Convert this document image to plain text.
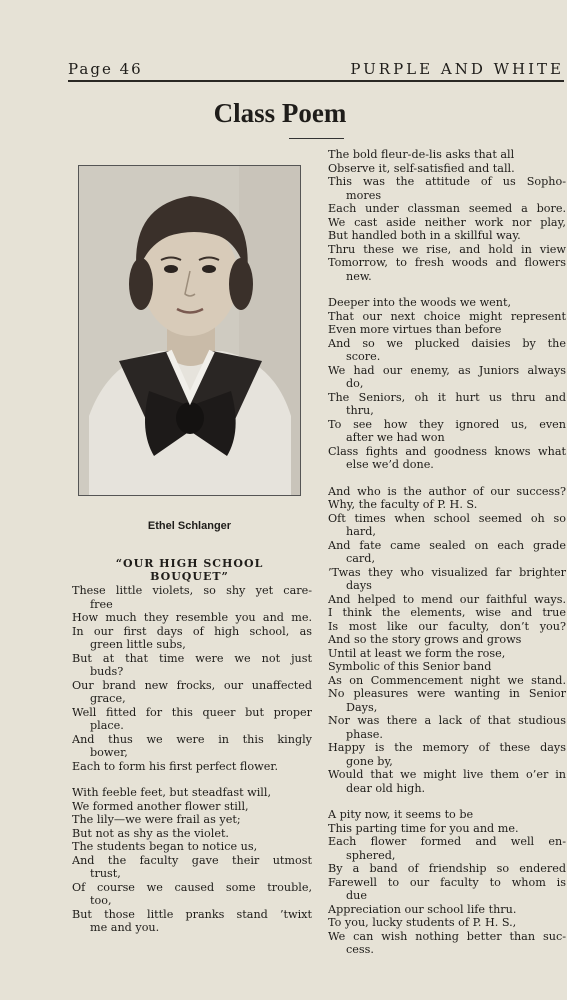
Page 46	PURPLE AND WHITE
Class Poem
Ethel Schlanger
“OUR HIGH SCHOOL BOUQUET”
These little violets, so shy yet care-
free
How much they resemble you and me.
In our first days of high school, as
green little subs,
But at that time were we not just
buds?
Our brand new frocks, our unaffected
grace,
Well fitted for this queer but proper
place.
And thus we were in this kingly
bower,
Each to form his first perfect flower.
With feeble feet, but steadfast will,
We formed another flower still,
The lily—we were frail as yet;
But not as shy as the violet.
The students began to notice us,
And the faculty gave their utmost
trust,
Of course we caused some trouble,
too,
But those little pranks stand ’twixt
me and you.
The bold fleur-de-lis asks that all
Observe it, self-satisfied and tall.
This was the attitude of us Sopho-
mores
Each under classman seemed a bore.
We cast aside neither work nor play,
But handled both in a skillful way.
Thru these we rise, and hold in view
Tomorrow, to fresh woods and flowers
new.
Deeper into the woods we went,
That our next choice might represent
Even more virtues than before
And so we plucked daisies by the
score.
We had our enemy, as Juniors always
do,
The Seniors, oh it hurt us thru and
thru,
To see how they ignored us, even
after we had won
Class fights and goodness knows what
else we’d done.
And who is the author of our success?
Why, the faculty of P. H. S.
Oft times when school seemed oh so
hard,
And fate came sealed on each grade
card,
’Twas they who visualized far brighter
days
And helped to mend our faithful ways.
I think the elements, wise and true
Is most like our faculty, don’t you?
And so the story grows and grows
Until at least we form the rose,
Symbolic of this Senior band
As on Commencement night we stand.
No pleasures were wanting in Senior
Days,
Nor was there a lack of that studious
phase.
Happy is the memory of these days
gone by,
Would that we might live them o’er in
dear old high.
A pity now, it seems to be
This parting time for you and me.
Each flower formed and well en-
sphered,
By a band of friendship so endered
Farewell to our faculty to whom is
due
Appreciation our school life thru.
To you, lucky students of P. H. S.,
We can wish nothing better than suc-
cess.
